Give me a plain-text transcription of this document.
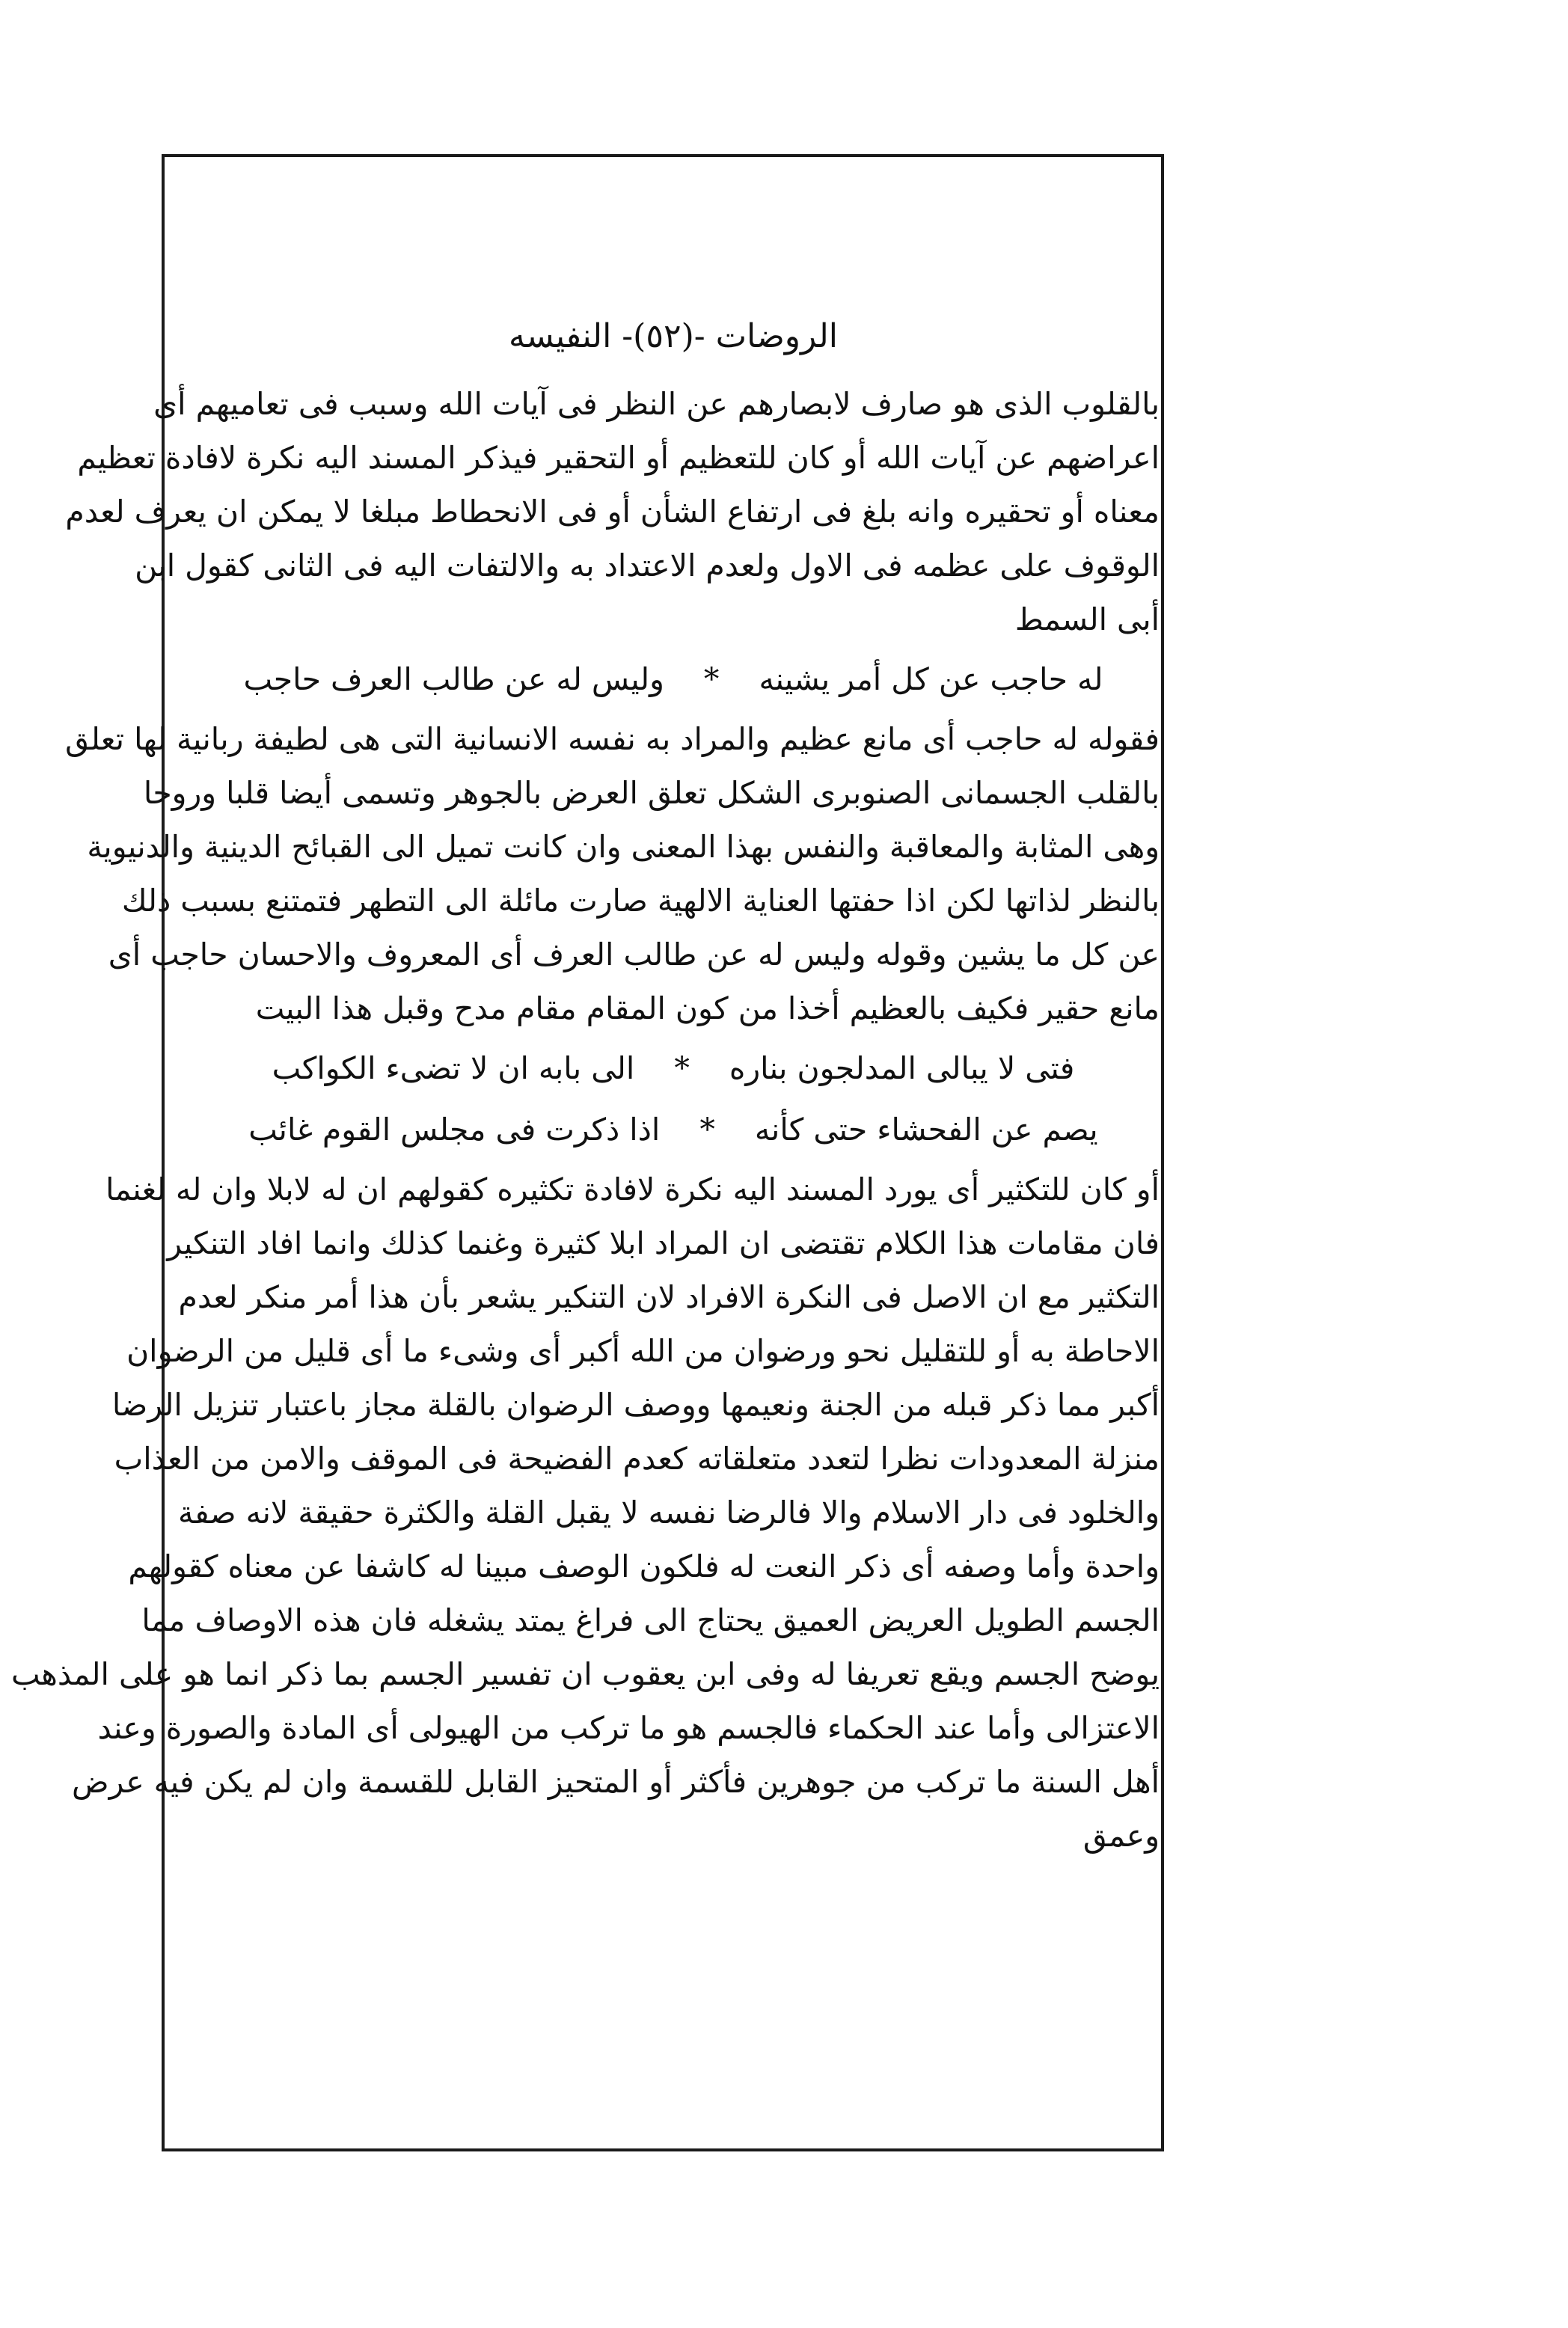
الروضات -(٥٢)- النفيسه
بالقلوب الذى هو صارف لابصارهم عن النظر فى آيات الله وسبب فى تعاميهم أى
اعراضهم عن آيات الله أو كان للتعظيم أو التحقير فيذكر المسند اليه نكرة لافادة تعظيم
معناه أو تحقيره وانه بلغ فى ارتفاع الشأن أو فى الانحطاط مبلغا لا يمكن ان يعرف لعدم
الوقوف على عظمه فى الاول ولعدم الاعتداد به والالتفات اليه فى الثانى كقول ابن
أبى السمط
له حاجب عن كل أمر يشينه * وليس له عن طالب العرف حاجب
فقوله له حاجب أى مانع عظيم والمراد به نفسه الانسانية التى هى لطيفة ربانية لها تعلق
بالقلب الجسمانى الصنوبرى الشكل تعلق العرض بالجوهر وتسمى أيضا قلبا وروحا
وهى المثابة والمعاقبة والنفس بهذا المعنى وان كانت تميل الى القبائح الدينية والدنيوية
بالنظر لذاتها لكن اذا حفتها العناية الالهية صارت مائلة الى التطهر فتمتنع بسبب ذلك
عن كل ما يشين وقوله وليس له عن طالب العرف أى المعروف والاحسان حاجب أى
مانع حقير فكيف بالعظيم أخذا من كون المقام مقام مدح وقبل هذا البيت
فتى لا يبالى المدلجون بناره * الى بابه ان لا تضىء الكواكب
يصم عن الفحشاء حتى كأنه * اذا ذكرت فى مجلس القوم غائب
أو كان للتكثير أى يورد المسند اليه نكرة لافادة تكثيره كقولهم ان له لابلا وان له لغنما
فان مقامات هذا الكلام تقتضى ان المراد ابلا كثيرة وغنما كذلك وانما افاد التنكير
التكثير مع ان الاصل فى النكرة الافراد لان التنكير يشعر بأن هذا أمر منكر لعدم
الاحاطة به أو للتقليل نحو ورضوان من الله أكبر أى وشىء ما أى قليل من الرضوان
أكبر مما ذكر قبله من الجنة ونعيمها ووصف الرضوان بالقلة مجاز باعتبار تنزيل الرضا
منزلة المعدودات نظرا لتعدد متعلقاته كعدم الفضيحة فى الموقف والامن من العذاب
والخلود فى دار الاسلام والا فالرضا نفسه لا يقبل القلة والكثرة حقيقة لانه صفة
واحدة وأما وصفه أى ذكر النعت له فلكون الوصف مبينا له كاشفا عن معناه كقولهم
الجسم الطويل العريض العميق يحتاج الى فراغ يمتد يشغله فان هذه الاوصاف مما
يوضح الجسم ويقع تعريفا له وفى ابن يعقوب ان تفسير الجسم بما ذكر انما هو على المذهب
الاعتزالى وأما عند الحكماء فالجسم هو ما تركب من الهيولى أى المادة والصورة وعند
أهل السنة ما تركب من جوهرين فأكثر أو المتحيز القابل للقسمة وان لم يكن فيه عرض
وعمق
